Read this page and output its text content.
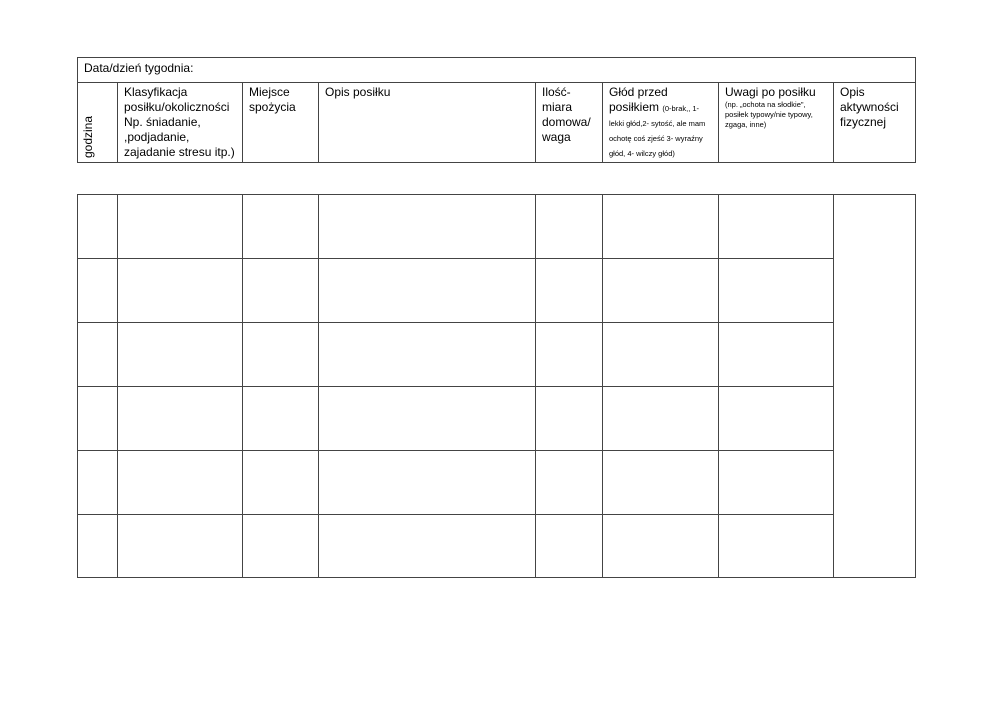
Data/dzień tygodnia:
godzina
Klasyfikacja posiłku/okoliczności Np. śniadanie, ,podjadanie, zajadanie stresu itp.)
Miejsce spożycia
Opis posiłku	Ilość- miara domowa/ waga
Głód przed posiłkiem (0-brak,, 1- lekki głód,2- sytość, ale mam ochotę coś zjeść 3- wyraźny głód, 4- wilczy głód)
Uwagi po posiłku
(np. „ochota na słodkie", posiłek typowy/nie typowy, zgaga, inne)
Opis aktywności fizycznej
